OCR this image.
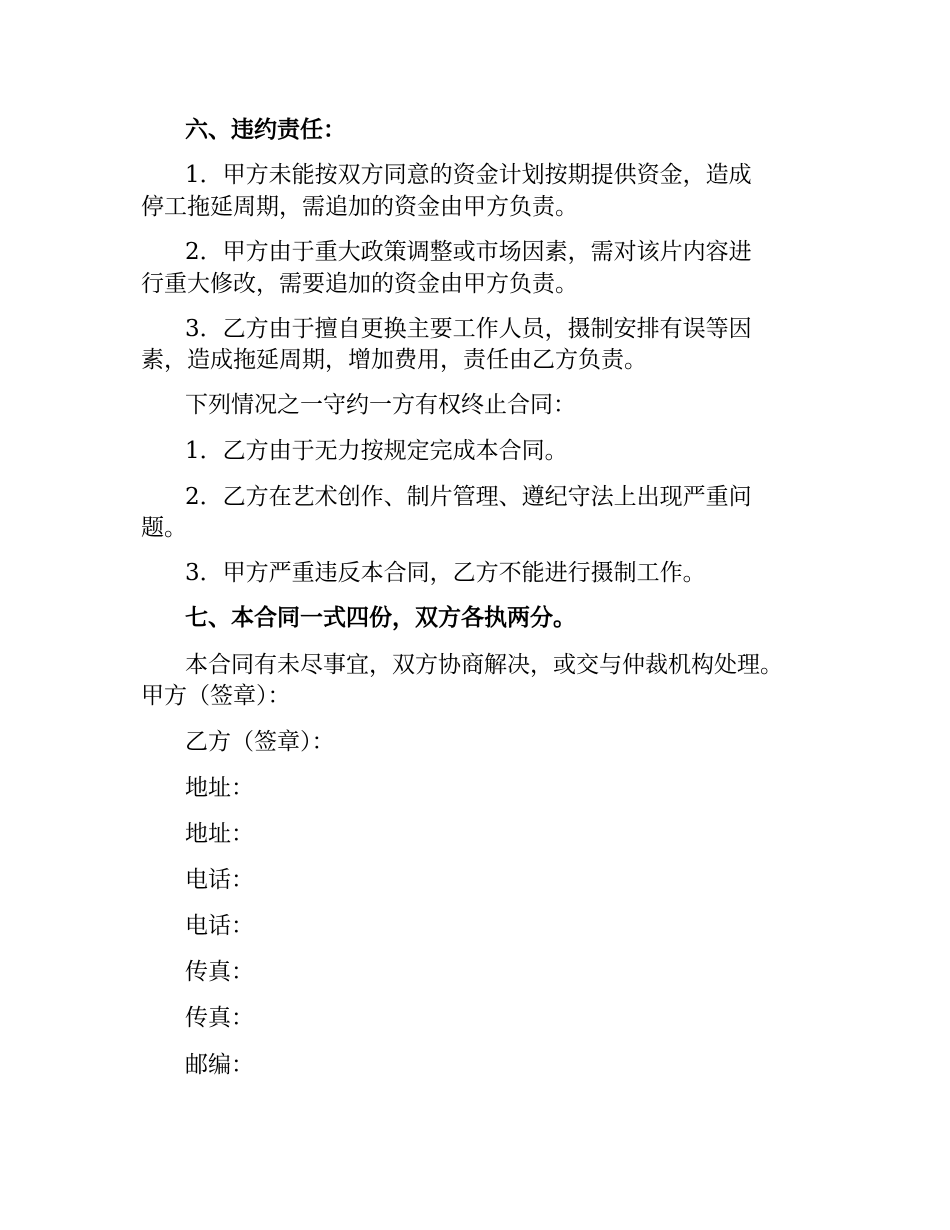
六、违约责任：
1．甲方未能按双方同意的资金计划按期提供资金，造成
停工拖延周期，需追加的资金由甲方负责。
2．甲方由于重大政策调整或市场因素，需对该片内容进
行重大修改，需要追加的资金由甲方负责。
3．乙方由于擅自更换主要工作人员，摄制安排有误等因
素，造成拖延周期，增加费用，责任由乙方负责。
下列情况之一守约一方有权终止合同：
1．乙方由于无力按规定完成本合同。
2．乙方在艺术创作、制片管理、遵纪守法上出现严重问
题。
3．甲方严重违反本合同，乙方不能进行摄制工作。
七、本合同一式四份，双方各执两分。
本合同有未尽事宜，双方协商解决，或交与仲裁机构处理。
甲方（签章）：
乙方（签章）：
地址：
地址：
电话：
电话：
传真：
传真：
邮编：
